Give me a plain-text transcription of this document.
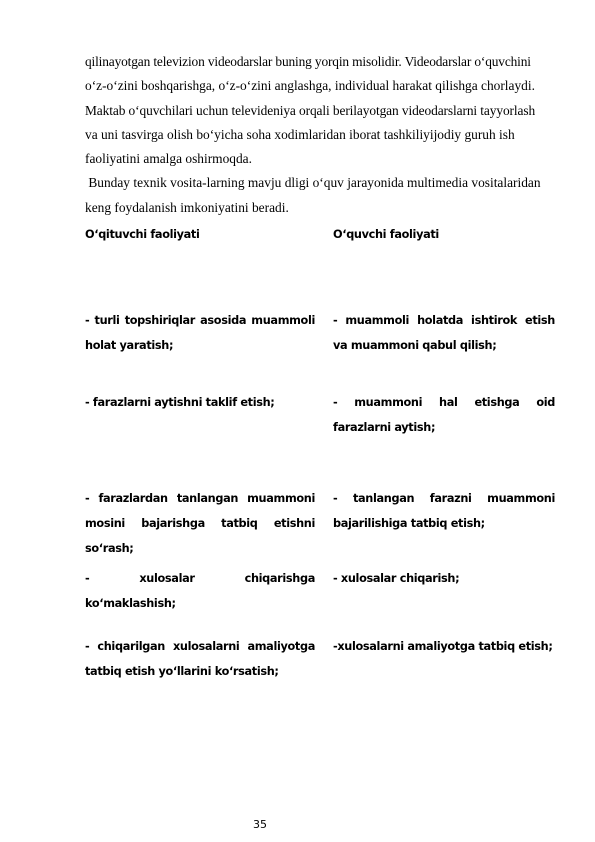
qilinayotgan televizion videodarslar buning yorqin misolidir. Videodarslar o‘quvchini

o‘z-o‘zini boshqarishga, o‘z-o‘zini anglashga, individual harakat qilishga chorlaydi.

Maktab o‘quvchilari uchun televideniya orqali berilayotgan videodarslarni tayyorlash

va uni tasvirga olish bo‘yicha soha xodimlaridan iborat tashkiliyijodiy guruh ish

faoliyatini amalga oshirmoqda.

Bunday texnik vosita-larning mavju dligi o‘quv jarayonida multimedia vositalaridan

keng foydalanish imkoniyatini beradi.

O‘qituvchi faoliyati	O‘quvchi faoliyati
- turli topshiriqlar asosida muammoli holat yaratish;
- muammoli holatda ishtirok etish va muammoni qabul qilish;
- farazlarni aytishni taklif etish;	- muammoni hal etishga oid farazlarni aytish;
- farazlardan tanlangan muammoni mosini bajarishga tatbiq etishni so‘rash;
- tanlangan farazni muammoni bajarilishiga tatbiq etish;
- xulosalar chiqarishga ko‘maklashish;
- xulosalar chiqarish;
- chiqarilgan xulosalarni amaliyotga tatbiq etish yo‘llarini ko‘rsatish;
-xulosalarni amaliyotga tatbiq etish;
35
